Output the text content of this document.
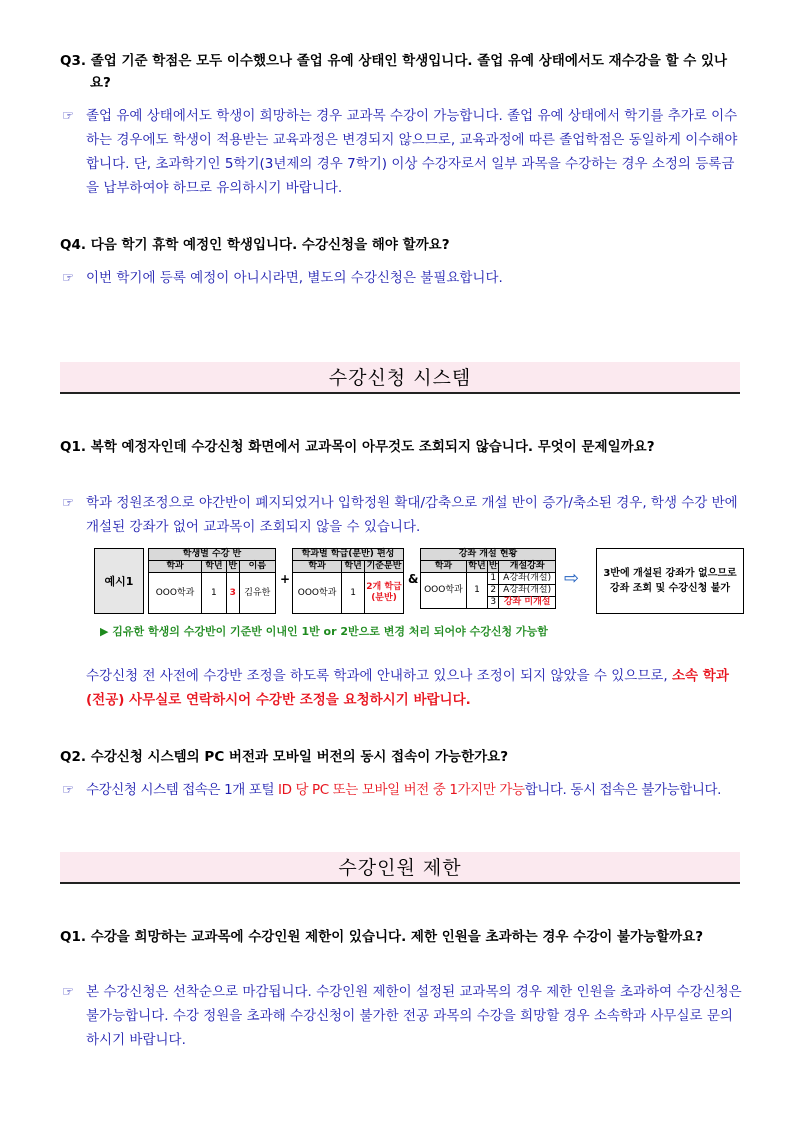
Q3. 졸업 기준 학점은 모두 이수했으나 졸업 유예 상태인 학생입니다. 졸업 유예 상태에서도 재수강을 할 수 있나요?
☞ 졸업 유예 상태에서도 학생이 희망하는 경우 교과목 수강이 가능합니다. 졸업 유예 상태에서 학기를 추가로 이수하는 경우에도 학생이 적용받는 교육과정은 변경되지 않으므로, 교육과정에 따른 졸업학점은 동일하게 이수해야 합니다. 단, 초과학기인 5학기(3년제의 경우 7학기) 이상 수강자로서 일부 과목을 수강하는 경우 소정의 등록금을 납부하여야 하므로 유의하시기 바랍니다.
Q4. 다음 학기 휴학 예정인 학생입니다. 수강신청을 해야 할까요?
☞ 이번 학기에 등록 예정이 아니시라면, 별도의 수강신청은 불필요합니다.
수강신청 시스템
Q1. 복학 예정자인데 수강신청 화면에서 교과목이 아무것도 조회되지 않습니다. 무엇이 문제일까요?
☞ 학과 정원조정으로 야간반이 폐지되었거나 입학정원 확대/감축으로 개설 반이 증가/축소된 경우, 학생 수강 반에 개설된 강좌가 없어 교과목이 조회되지 않을 수 있습니다.
예시1
학생별 수강 반			
학과	학년	반	이름
OOO학과	1	3	김유한
+
학과별 학급(분반) 편성		
학과	학년	기준분반
OOO학과	1	2개 학급 (분반)
&
강좌 개설 현황			
학과	학년	반	개설강좌
OOO학과	1	1	A강좌(개설)
		2	A강좌(개설)
		3	강좌 미개설
⇨	3반에 개설된 강좌가 없으므로 강좌 조회 및 수강신청 불가
▶ 김유한 학생의 수강반이 기준반 이내인 1반 or 2반으로 변경 처리 되어야 수강신청 가능함
수강신청 전 사전에 수강반 조정을 하도록 학과에 안내하고 있으나 조정이 되지 않았을 수 있으므로, 소속 학과(전공) 사무실로 연락하시어 수강반 조정을 요청하시기 바랍니다.
Q2. 수강신청 시스템의 PC 버전과 모바일 버전의 동시 접속이 가능한가요?
☞ 수강신청 시스템 접속은 1개 포털 ID 당 PC 또는 모바일 버전 중 1가지만 가능합니다. 동시 접속은 불가능합니다.
수강인원 제한
Q1. 수강을 희망하는 교과목에 수강인원 제한이 있습니다. 제한 인원을 초과하는 경우 수강이 불가능할까요?
☞ 본 수강신청은 선착순으로 마감됩니다. 수강인원 제한이 설정된 교과목의 경우 제한 인원을 초과하여 수강신청은 불가능합니다. 수강 정원을 초과해 수강신청이 불가한 전공 과목의 수강을 희망할 경우 소속학과 사무실로 문의하시기 바랍니다.
